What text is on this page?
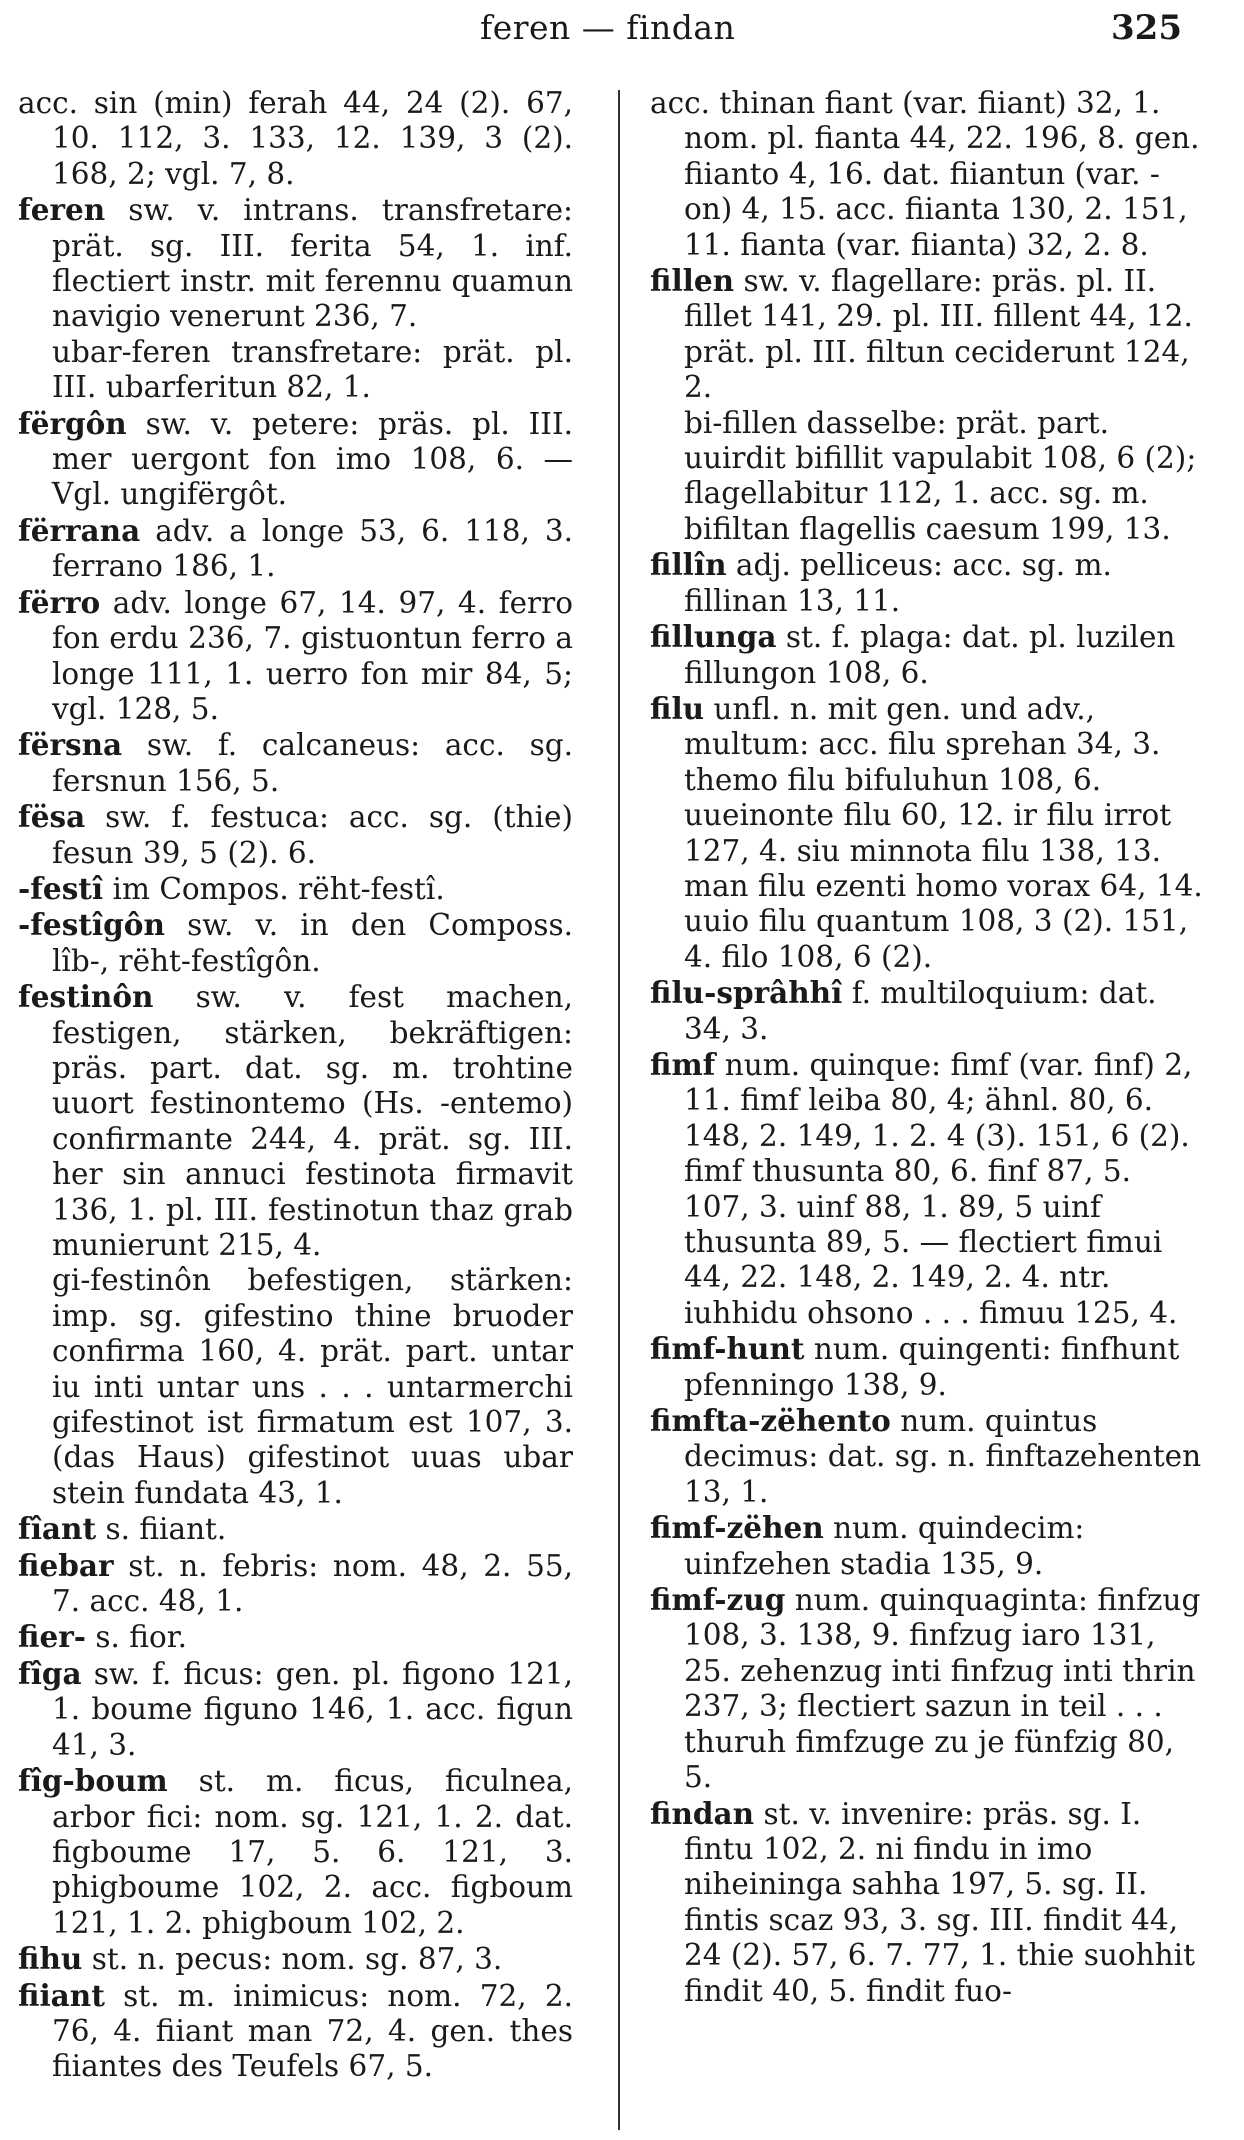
feren — findan	325

acc. sin (min) ferah 44, 24 (2). 67, 10. 112, 3. 133, 12. 139, 3 (2). 168, 2; vgl. 7, 8.

feren sw. v. intrans. transfretare: prät. sg. III. ferita 54, 1. inf. flectiert instr. mit ferennu quamun navigio venerunt 236, 7.

ubar-feren transfretare: prät. pl. III. ubarferitun 82, 1.

fërgôn sw. v. petere: präs. pl. III. mer uergont fon imo 108, 6. — Vgl. ungifërgôt.

fërrana adv. a longe 53, 6. 118, 3. ferrano 186, 1.

fërro adv. longe 67, 14. 97, 4. ferro fon erdu 236, 7. gistuontun ferro a longe 111, 1. uerro fon mir 84, 5; vgl. 128, 5.

fërsna sw. f. calcaneus: acc. sg. fersnun 156, 5.

fësa sw. f. festuca: acc. sg. (thie) fesun 39, 5 (2). 6.

-festî im Compos. rëht-festî.

-festîgôn sw. v. in den Composs. lîb-, rëht-festîgôn.

festinôn sw. v. fest machen, festigen, stärken, bekräftigen: präs. part. dat. sg. m. trohtine uuort festinontemo (Hs. -entemo) confirmante 244, 4. prät. sg. III. her sin annuci festinota firmavit 136, 1. pl. III. festinotun thaz grab munierunt 215, 4.

gi-festinôn befestigen, stärken: imp. sg. gifestino thine bruoder confirma 160, 4. prät. part. untar iu inti untar uns . . . untarmerchi gifestinot ist firmatum est 107, 3. (das Haus) gifestinot uuas ubar stein fundata 43, 1.

fîant s. fiiant.

fiebar st. n. febris: nom. 48, 2. 55, 7. acc. 48, 1.

fier- s. fior.

fîga sw. f. ficus: gen. pl. figono 121, 1. boume figuno 146, 1. acc. figun 41, 3.

fîg-boum st. m. ficus, ficulnea, arbor fici: nom. sg. 121, 1. 2. dat. figboume 17, 5. 6. 121, 3. phigboume 102, 2. acc. figboum 121, 1. 2. phigboum 102, 2.

fihu st. n. pecus: nom. sg. 87, 3.

fiiant st. m. inimicus: nom. 72, 2. 76, 4. fiiant man 72, 4. gen. thes fiiantes des Teufels 67, 5.

acc. thinan fiant (var. fiiant) 32, 1. nom. pl. fianta 44, 22. 196, 8. gen. fiianto 4, 16. dat. fiiantun (var. -on) 4, 15. acc. fiianta 130, 2. 151, 11. fianta (var. fiianta) 32, 2. 8.

fillen sw. v. flagellare: präs. pl. II. fillet 141, 29. pl. III. fillent 44, 12. prät. pl. III. filtun ceciderunt 124, 2.

bi-fillen dasselbe: prät. part. uuirdit bifillit vapulabit 108, 6 (2); flagellabitur 112, 1. acc. sg. m. bifiltan flagellis caesum 199, 13.

fillîn adj. pelliceus: acc. sg. m. fillinan 13, 11.

fillunga st. f. plaga: dat. pl. luzilen fillungon 108, 6.

filu unfl. n. mit gen. und adv., multum: acc. filu sprehan 34, 3. themo filu bifuluhun 108, 6. uueinonte filu 60, 12. ir filu irrot 127, 4. siu minnota filu 138, 13. man filu ezenti homo vorax 64, 14. uuio filu quantum 108, 3 (2). 151, 4. filo 108, 6 (2).

filu-sprâhhî f. multiloquium: dat. 34, 3.

fimf num. quinque: fimf (var. finf) 2, 11. fimf leiba 80, 4; ähnl. 80, 6. 148, 2. 149, 1. 2. 4 (3). 151, 6 (2). fimf thusunta 80, 6. finf 87, 5. 107, 3. uinf 88, 1. 89, 5 uinf thusunta 89, 5. — flectiert fimui 44, 22. 148, 2. 149, 2. 4. ntr. iuhhidu ohsono . . . fimuu 125, 4.

fimf-hunt num. quingenti: finfhunt pfenningo 138, 9.

fimfta-zëhento num. quintus decimus: dat. sg. n. finftazehenten 13, 1.

fimf-zëhen num. quindecim: uinfzehen stadia 135, 9.

fimf-zug num. quinquaginta: finfzug 108, 3. 138, 9. finfzug iaro 131, 25. zehenzug inti finfzug inti thrin 237, 3; flectiert sazun in teil . . . thuruh fimfzuge zu je fünfzig 80, 5.

findan st. v. invenire: präs. sg. I. fintu 102, 2. ni findu in imo niheininga sahha 197, 5. sg. II. fintis scaz 93, 3. sg. III. findit 44, 24 (2). 57, 6. 7. 77, 1. thie suohhit findit 40, 5. findit fuo-
